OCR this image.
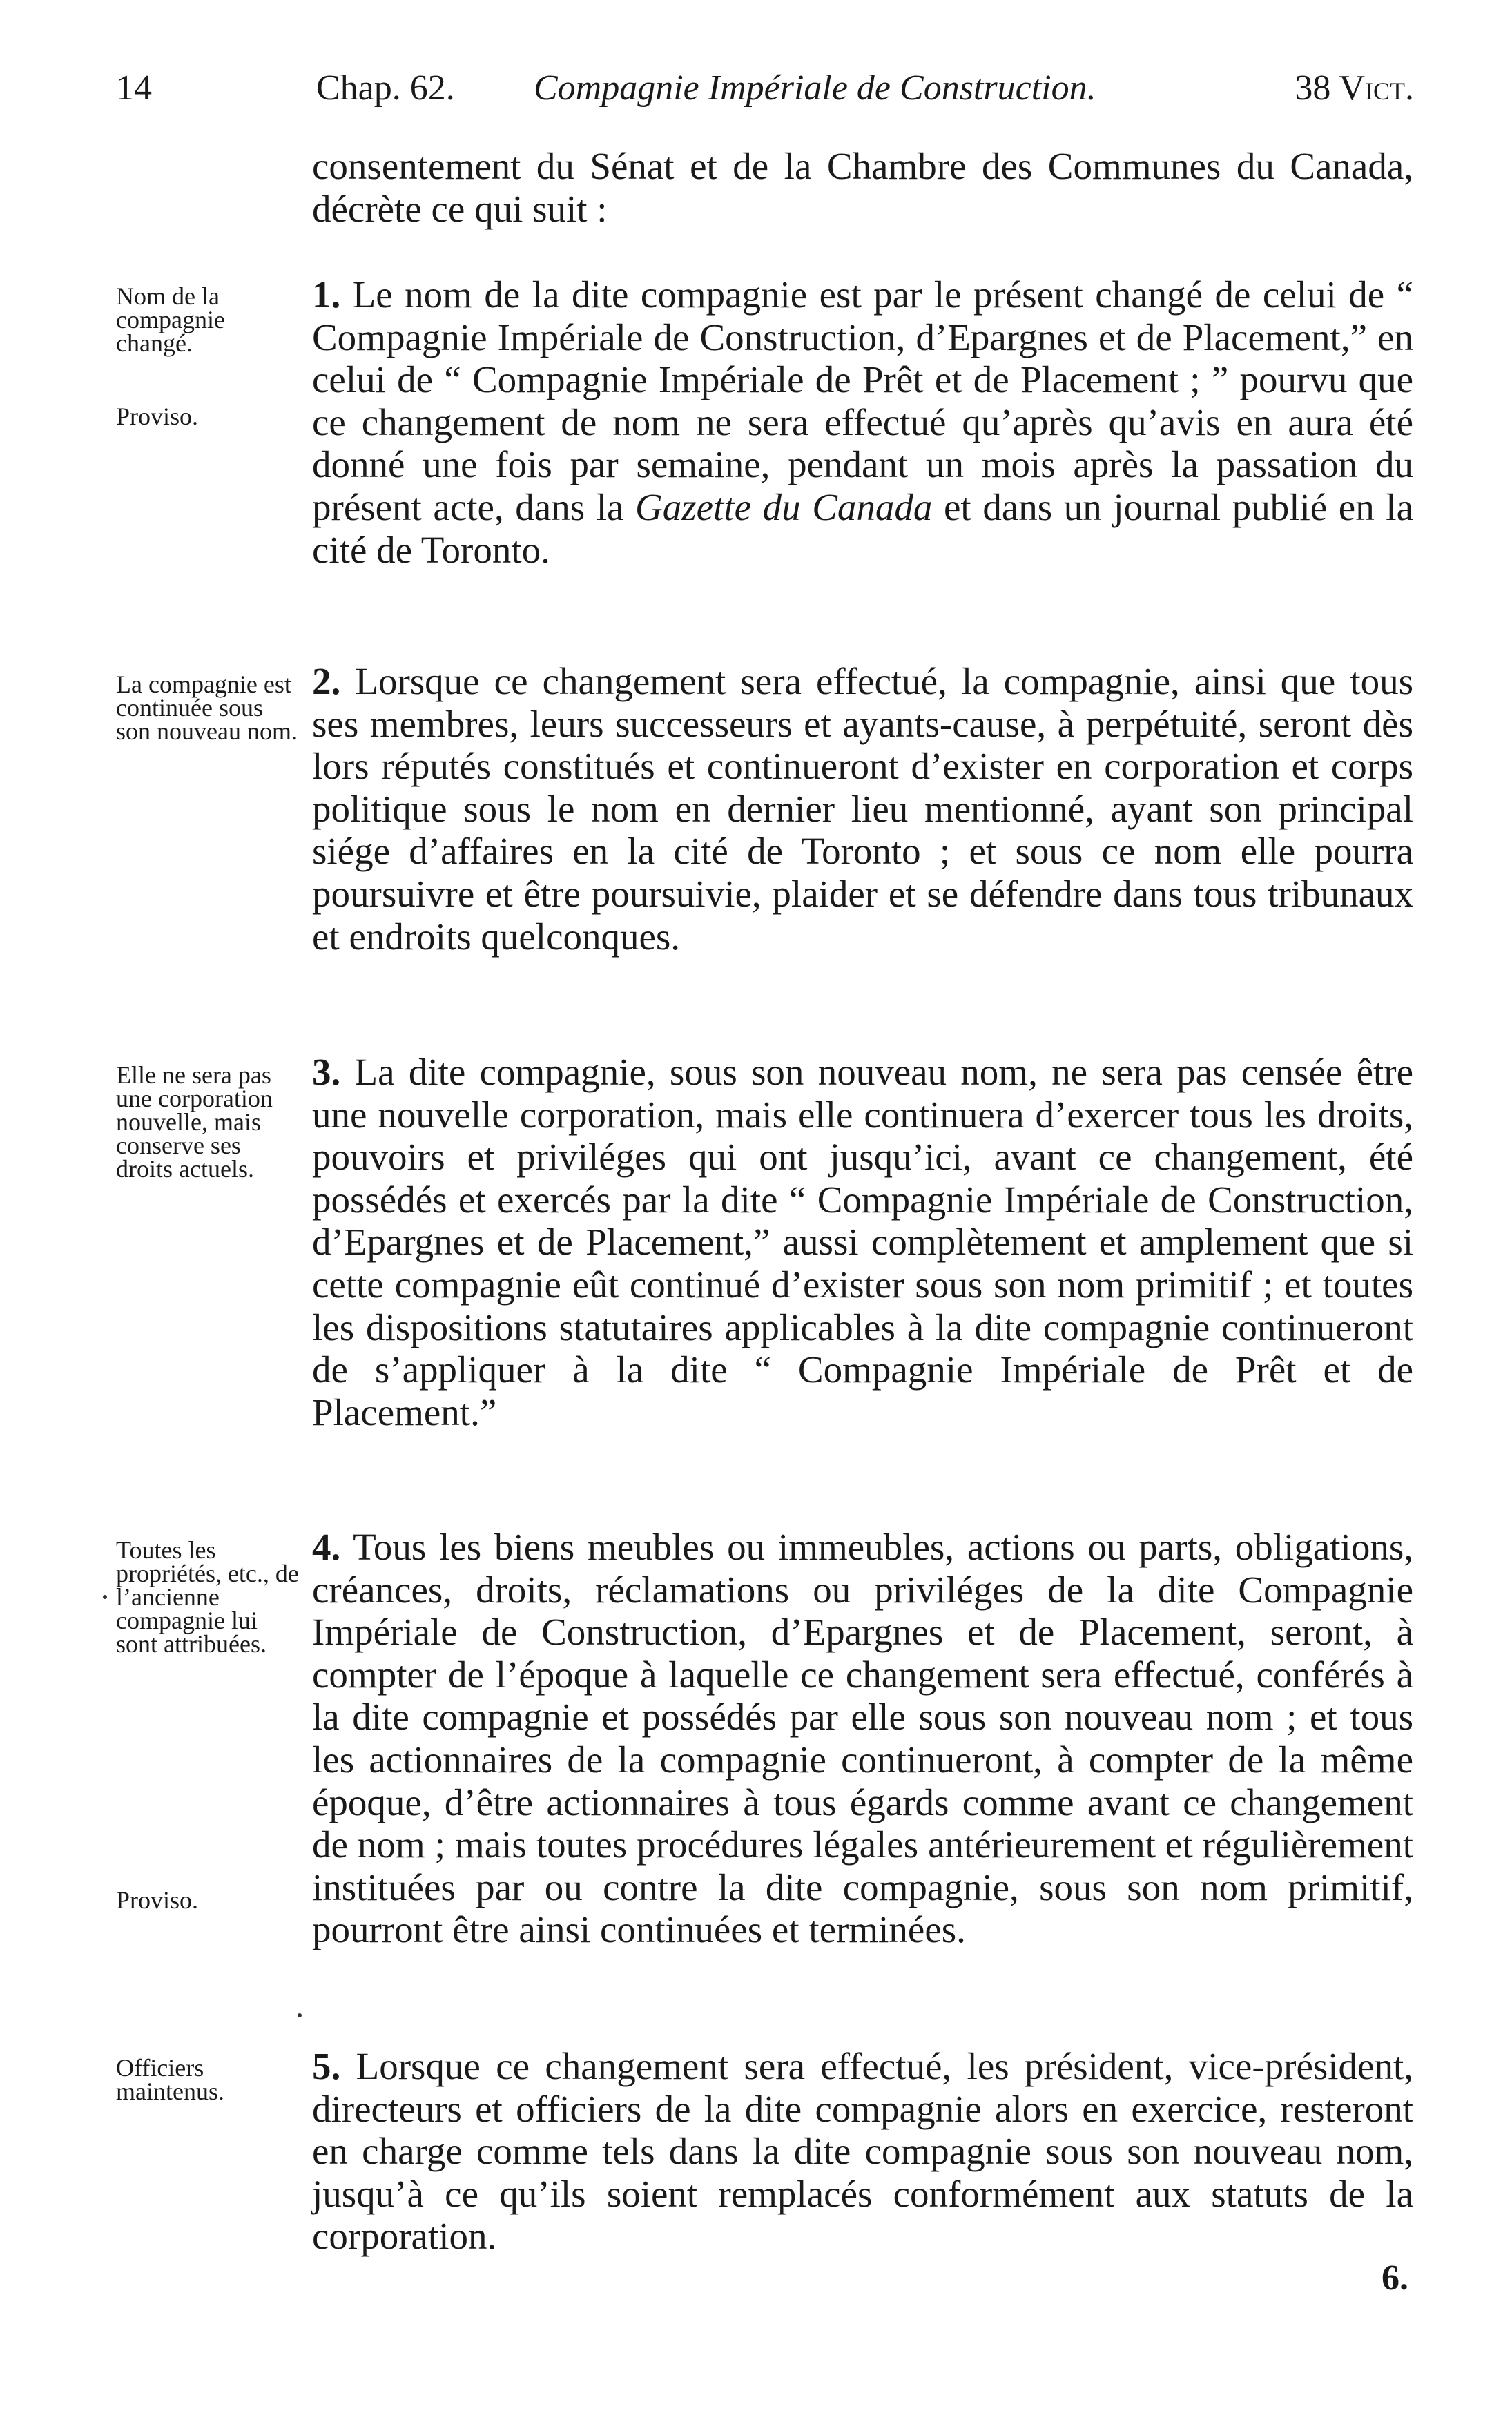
14	Chap. 62. Compagnie Impériale de Construction.	38 Vict.
consentement du Sénat et de la Chambre des Communes du Canada, décrète ce qui suit :
Nom de la compagnie changé.
Proviso.
1. Le nom de la dite compagnie est par le présent changé de celui de “ Compagnie Impériale de Construction, d’Epargnes et de Placement,” en celui de “ Compagnie Impériale de Prêt et de Placement ; ” pourvu que ce changement de nom ne sera effectué qu’après qu’avis en aura été donné une fois par semaine, pendant un mois après la passation du présent acte, dans la Gazette du Canada et dans un journal publié en la cité de Toronto.
La compagnie est continuée sous son nouveau nom.
2. Lorsque ce changement sera effectué, la compagnie, ainsi que tous ses membres, leurs successeurs et ayants-cause, à perpétuité, seront dès lors réputés constitués et continueront d’exister en corporation et corps politique sous le nom en dernier lieu mentionné, ayant son principal siége d’affaires en la cité de Toronto ; et sous ce nom elle pourra poursuivre et être poursuivie, plaider et se défendre dans tous tribunaux et endroits quelconques.
Elle ne sera pas une corporation nouvelle, mais conserve ses droits actuels.
3. La dite compagnie, sous son nouveau nom, ne sera pas censée être une nouvelle corporation, mais elle continuera d’exercer tous les droits, pouvoirs et priviléges qui ont jusqu’ici, avant ce changement, été possédés et exercés par la dite “ Compagnie Impériale de Construction, d’Epargnes et de Placement,” aussi complètement et amplement que si cette compagnie eût continué d’exister sous son nom primitif ; et toutes les dispositions statutaires applicables à la dite compagnie continueront de s’appliquer à la dite “ Compagnie Impériale de Prêt et de Placement.”
Toutes les propriétés, etc., de l’ancienne compagnie lui sont attribuées.
Proviso.
4. Tous les biens meubles ou immeubles, actions ou parts, obligations, créances, droits, réclamations ou priviléges de la dite Compagnie Impériale de Construction, d’Epargnes et de Placement, seront, à compter de l’époque à laquelle ce changement sera effectué, conférés à la dite compagnie et possédés par elle sous son nouveau nom ; et tous les actionnaires de la compagnie continueront, à compter de la même époque, d’être actionnaires à tous égards comme avant ce changement de nom ; mais toutes procédures légales antérieurement et régulièrement instituées par ou contre la dite compagnie, sous son nom primitif, pourront être ainsi continuées et terminées.
Officiers maintenus.
5. Lorsque ce changement sera effectué, les président, vice-président, directeurs et officiers de la dite compagnie alors en exercice, resteront en charge comme tels dans la dite compagnie sous son nouveau nom, jusqu’à ce qu’ils soient remplacés conformément aux statuts de la corporation.
6.
